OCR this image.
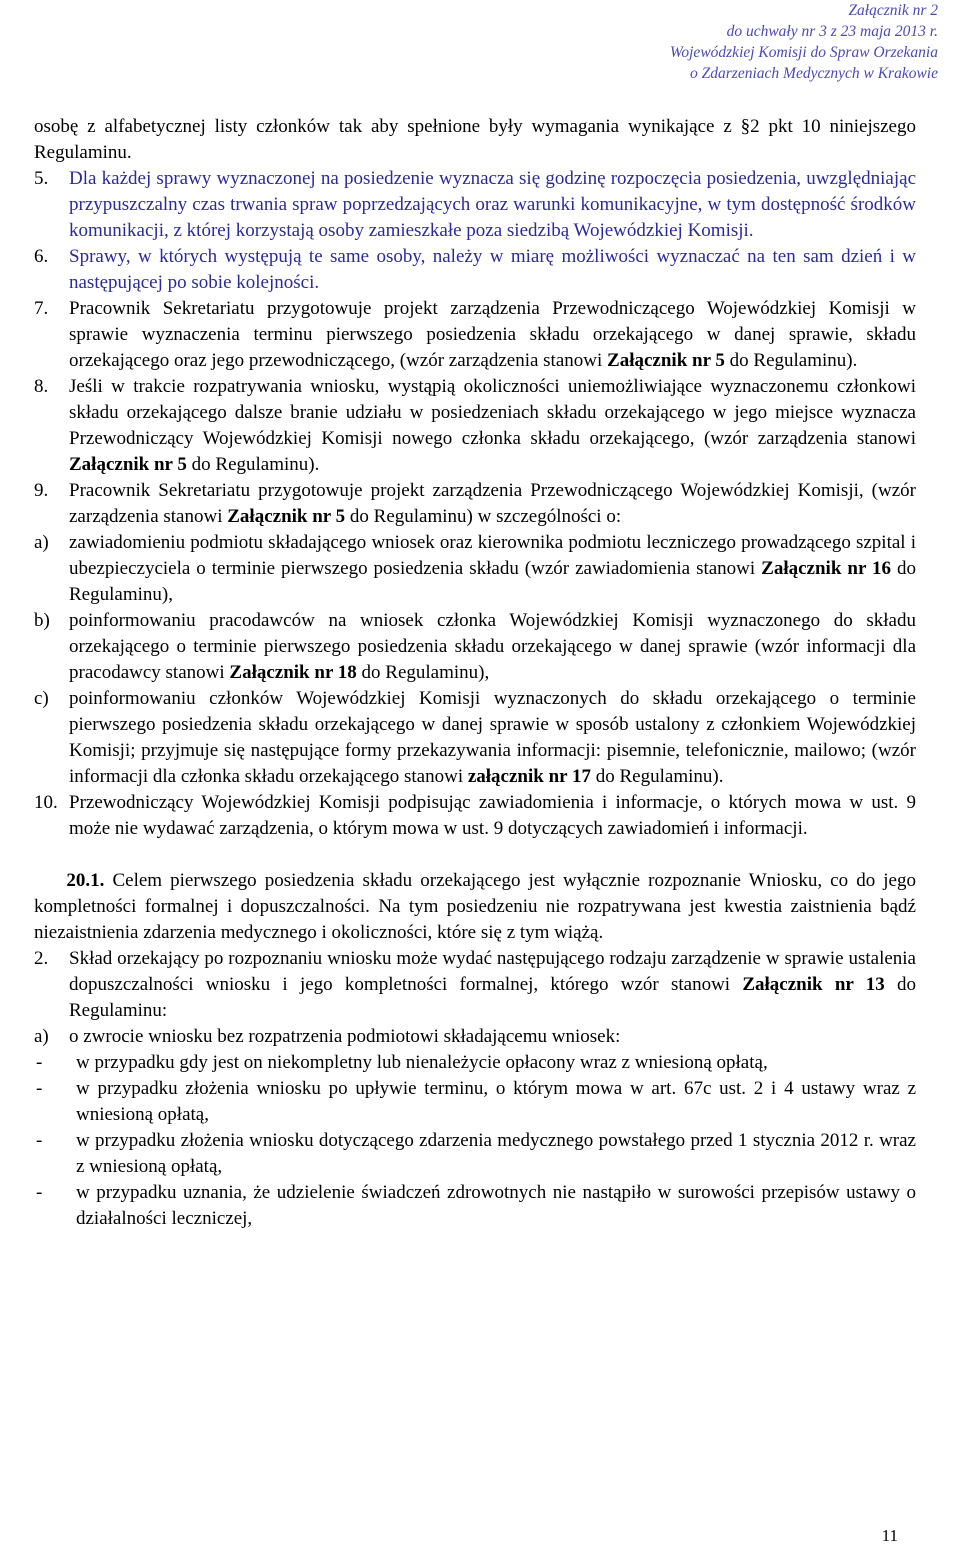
Załącznik nr 2
do uchwały nr 3 z 23 maja 2013 r.
Wojewódzkiej Komisji do Spraw Orzekania
o Zdarzeniach Medycznych w Krakowie

osobę z alfabetycznej listy członków tak aby spełnione były wymagania wynikające z §2 pkt 10 niniejszego Regulaminu.

5. Dla każdej sprawy wyznaczonej na posiedzenie wyznacza się godzinę rozpoczęcia posiedzenia, uwzględniając przypuszczalny czas trwania spraw poprzedzających oraz warunki komunikacyjne, w tym dostępność środków komunikacji, z której korzystają osoby zamieszkałe poza siedzibą Wojewódzkiej Komisji.
6. Sprawy, w których występują te same osoby, należy w miarę możliwości wyznaczać na ten sam dzień i w następującej po sobie kolejności.
7. Pracownik Sekretariatu przygotowuje projekt zarządzenia Przewodniczącego Wojewódzkiej Komisji w sprawie wyznaczenia terminu pierwszego posiedzenia składu orzekającego w danej sprawie, składu orzekającego oraz jego przewodniczącego, (wzór zarządzenia stanowi Załącznik nr 5 do Regulaminu).
8. Jeśli w trakcie rozpatrywania wniosku, wystąpią okoliczności uniemożliwiające wyznaczonemu członkowi składu orzekającego dalsze branie udziału w posiedzeniach składu orzekającego w jego miejsce wyznacza Przewodniczący Wojewódzkiej Komisji nowego członka składu orzekającego, (wzór zarządzenia stanowi Załącznik nr 5 do Regulaminu).
9. Pracownik Sekretariatu przygotowuje projekt zarządzenia Przewodniczącego Wojewódzkiej Komisji, (wzór zarządzenia stanowi Załącznik nr 5 do Regulaminu) w szczególności o:
a) zawiadomieniu podmiotu składającego wniosek oraz kierownika podmiotu leczniczego prowadzącego szpital i ubezpieczyciela o terminie pierwszego posiedzenia składu (wzór zawiadomienia stanowi Załącznik nr 16 do Regulaminu),
b) poinformowaniu pracodawców na wniosek członka Wojewódzkiej Komisji wyznaczonego do składu orzekającego o terminie pierwszego posiedzenia składu orzekającego w danej sprawie (wzór informacji dla pracodawcy stanowi Załącznik nr 18 do Regulaminu),
c) poinformowaniu członków Wojewódzkiej Komisji wyznaczonych do składu orzekającego o terminie pierwszego posiedzenia składu orzekającego w danej sprawie w sposób ustalony z członkiem Wojewódzkiej Komisji; przyjmuje się następujące formy przekazywania informacji: pisemnie, telefonicznie, mailowo; (wzór informacji dla członka składu orzekającego stanowi załącznik nr 17 do Regulaminu).
10. Przewodniczący Wojewódzkiej Komisji podpisując zawiadomienia i informacje, o których mowa w ust. 9 może nie wydawać zarządzenia, o którym mowa w ust. 9 dotyczących zawiadomień i informacji.

20.1. Celem pierwszego posiedzenia składu orzekającego jest wyłącznie rozpoznanie Wniosku, co do jego kompletności formalnej i dopuszczalności. Na tym posiedzeniu nie rozpatrywana jest kwestia zaistnienia bądź niezaistnienia zdarzenia medycznego i okoliczności, które się z tym wiążą.

2. Skład orzekający po rozpoznaniu wniosku może wydać następującego rodzaju zarządzenie w sprawie ustalenia dopuszczalności wniosku i jego kompletności formalnej, którego wzór stanowi Załącznik nr 13 do Regulaminu:
a) o zwrocie wniosku bez rozpatrzenia podmiotowi składającemu wniosek:
- w przypadku gdy jest on niekompletny lub nienależycie opłacony wraz z wniesioną opłatą,
- w przypadku złożenia wniosku po upływie terminu, o którym mowa w art. 67c ust. 2 i 4 ustawy wraz z wniesioną opłatą,
- w przypadku złożenia wniosku dotyczącego zdarzenia medycznego powstałego przed 1 stycznia 2012 r. wraz z wniesioną opłatą,
- w przypadku uznania, że udzielenie świadczeń zdrowotnych nie nastąpiło w surowości przepisów ustawy o działalności leczniczej,
11
